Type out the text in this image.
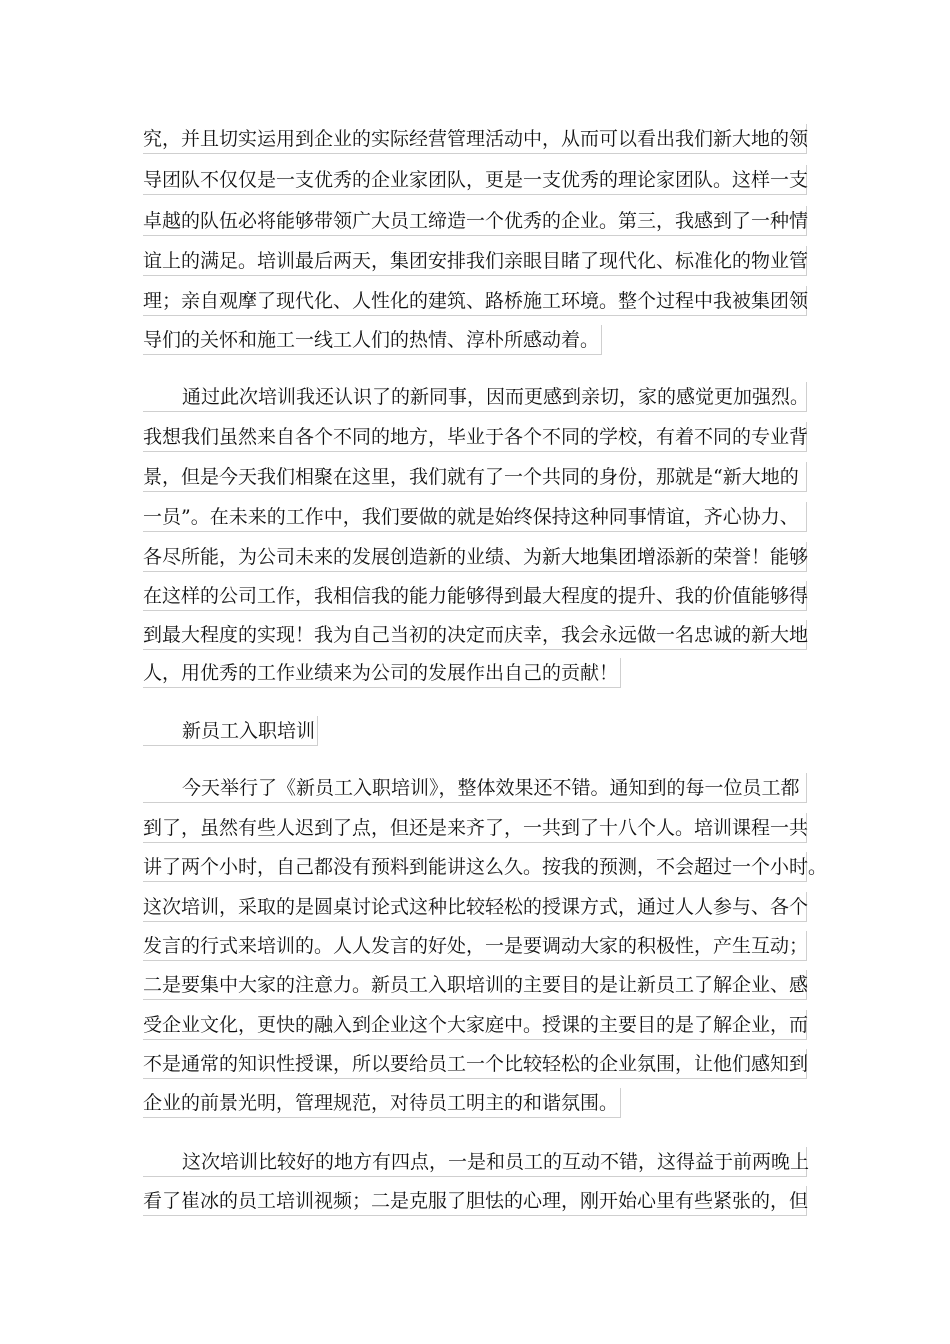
究，并且切实运用到企业的实际经营管理活动中，从而可以看出我们新大地的领
导团队不仅仅是一支优秀的企业家团队，更是一支优秀的理论家团队。这样一支
卓越的队伍必将能够带领广大员工缔造一个优秀的企业。第三，我感到了一种情
谊上的满足。培训最后两天，集团安排我们亲眼目睹了现代化、标准化的物业管
理；亲自观摩了现代化、人性化的建筑、路桥施工环境。整个过程中我被集团领
导们的关怀和施工一线工人们的热情、淳朴所感动着。
通过此次培训我还认识了的新同事，因而更感到亲切，家的感觉更加强烈。
我想我们虽然来自各个不同的地方，毕业于各个不同的学校，有着不同的专业背
景，但是今天我们相聚在这里，我们就有了一个共同的身份，那就是“新大地的
一员”。在未来的工作中，我们要做的就是始终保持这种同事情谊，齐心协力、
各尽所能，为公司未来的发展创造新的业绩、为新大地集团增添新的荣誉！能够
在这样的公司工作，我相信我的能力能够得到最大程度的提升、我的价值能够得
到最大程度的实现！我为自己当初的决定而庆幸，我会永远做一名忠诚的新大地
人，用优秀的工作业绩来为公司的发展作出自己的贡献！
新员工入职培训
今天举行了《新员工入职培训》，整体效果还不错。通知到的每一位员工都
到了，虽然有些人迟到了点，但还是来齐了，一共到了十八个人。培训课程一共
讲了两个小时，自己都没有预料到能讲这么久。按我的预测，不会超过一个小时。
这次培训，采取的是圆桌讨论式这种比较轻松的授课方式，通过人人参与、各个
发言的行式来培训的。人人发言的好处，一是要调动大家的积极性，产生互动；
二是要集中大家的注意力。新员工入职培训的主要目的是让新员工了解企业、感
受企业文化，更快的融入到企业这个大家庭中。授课的主要目的是了解企业，而
不是通常的知识性授课，所以要给员工一个比较轻松的企业氛围，让他们感知到
企业的前景光明，管理规范，对待员工明主的和谐氛围。
这次培训比较好的地方有四点，一是和员工的互动不错，这得益于前两晚上
看了崔冰的员工培训视频；二是克服了胆怯的心理，刚开始心里有些紧张的，但
